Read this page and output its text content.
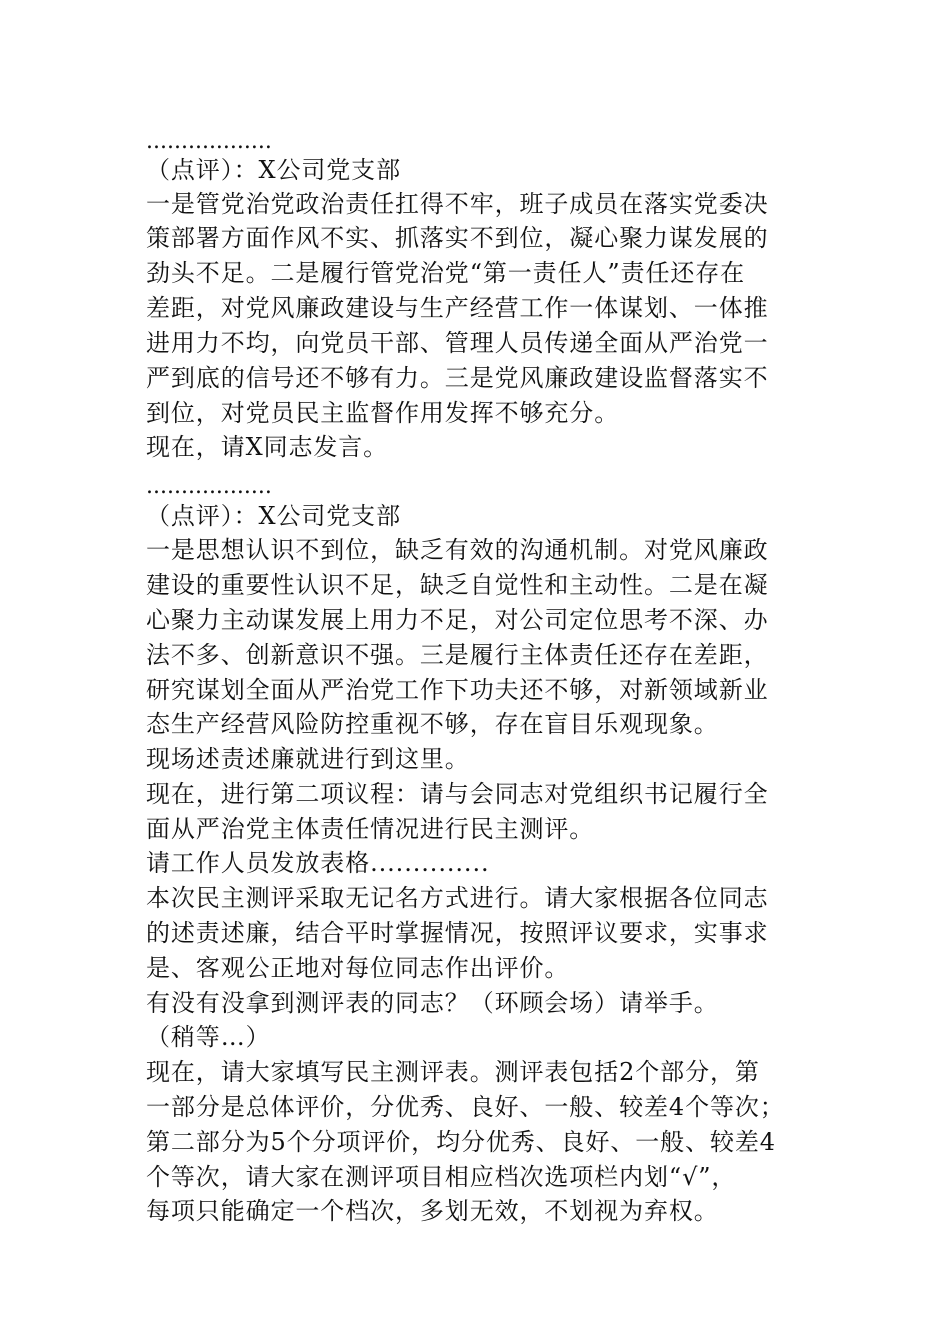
..................
（点评）：X公司党支部
一是管党治党政治责任扛得不牢，班子成员在落实党委决
策部署方面作风不实、抓落实不到位，凝心聚力谋发展的
劲头不足。二是履行管党治党“第一责任人”责任还存在
差距，对党风廉政建设与生产经营工作一体谋划、一体推
进用力不均，向党员干部、管理人员传递全面从严治党一
严到底的信号还不够有力。三是党风廉政建设监督落实不
到位，对党员民主监督作用发挥不够充分。
现在，请X同志发言。
..................
（点评）：X公司党支部
一是思想认识不到位，缺乏有效的沟通机制。对党风廉政
建设的重要性认识不足，缺乏自觉性和主动性。二是在凝
心聚力主动谋发展上用力不足，对公司定位思考不深、办
法不多、创新意识不强。三是履行主体责任还存在差距，
研究谋划全面从严治党工作下功夫还不够，对新领域新业
态生产经营风险防控重视不够，存在盲目乐观现象。
现场述责述廉就进行到这里。
现在，进行第二项议程：请与会同志对党组织书记履行全
面从严治党主体责任情况进行民主测评。
请工作人员发放表格..............
本次民主测评采取无记名方式进行。请大家根据各位同志
的述责述廉，结合平时掌握情况，按照评议要求，实事求
是、客观公正地对每位同志作出评价。
有没有没拿到测评表的同志？（环顾会场）请举手。
（稍等…）
现在，请大家填写民主测评表。测评表包括2个部分，第
一部分是总体评价，分优秀、良好、一般、较差4个等次；
第二部分为5个分项评价，均分优秀、良好、一般、较差4
个等次，请大家在测评项目相应档次选项栏内划“√”，
每项只能确定一个档次，多划无效，不划视为弃权。
